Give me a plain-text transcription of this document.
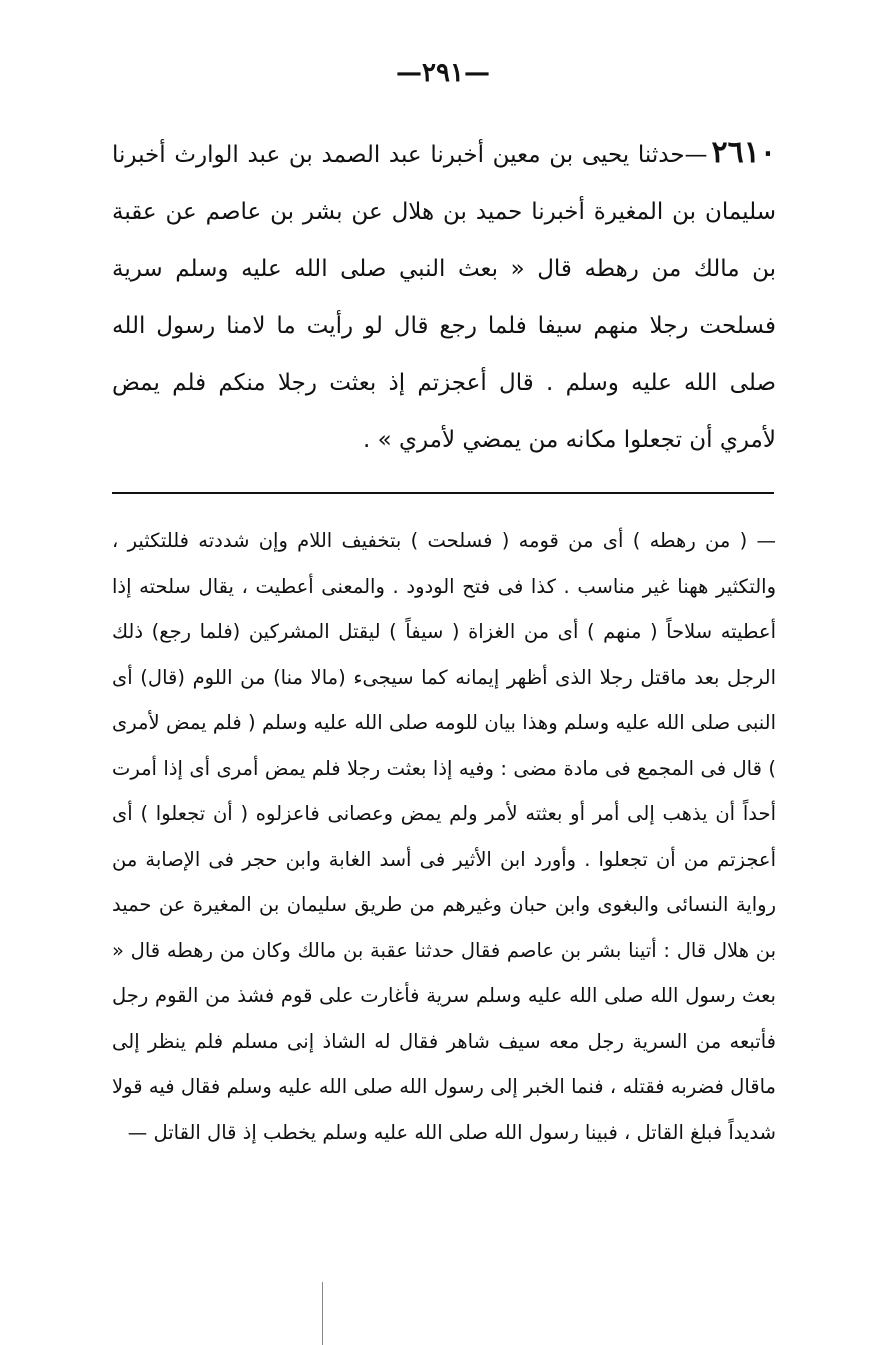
—٢٩١—
٢٦١٠—حدثنا يحيى بن معين أخبرنا عبد الصمد بن عبد الوارث أخبرنا سليمان بن المغيرة أخبرنا حميد بن هلال عن بشر بن عاصم عن عقبة بن مالك من رهطه قال « بعث النبي صلى الله عليه وسلم سرية فسلحت رجلا منهم سيفا فلما رجع قال لو رأيت ما لامنا رسول الله صلى الله عليه وسلم . قال أعجزتم إذ بعثت رجلا منكم فلم يمض لأمري أن تجعلوا مكانه من يمضي لأمري » .
— ( من رهطه ) أى من قومه ( فسلحت ) بتخفيف اللام وإن شددته فللتكثير ، والتكثير ههنا غير مناسب . كذا فى فتح الودود . والمعنى أعطيت ، يقال سلحته إذا أعطيته سلاحاً ( منهم ) أى من الغزاة ( سيفاً ) ليقتل المشركين (فلما رجع) ذلك الرجل بعد ماقتل رجلا الذى أظهر إيمانه كما سيجىء (مالا منا) من اللوم (قال) أى النبى صلى الله عليه وسلم وهذا بيان للومه صلى الله عليه وسلم ( فلم يمض لأمرى ) قال فى المجمع فى مادة مضى : وفيه إذا بعثت رجلا فلم يمض أمرى أى إذا أمرت أحداً أن يذهب إلى أمر أو بعثته لأمر ولم يمض وعصانى فاعزلوه ( أن تجعلوا ) أى أعجزتم من أن تجعلوا . وأورد ابن الأثير فى أسد الغابة وابن حجر فى الإصابة من رواية النسائى والبغوى وابن حبان وغيرهم من طريق سليمان بن المغيرة عن حميد بن هلال قال : أتينا بشر بن عاصم فقال حدثنا عقبة بن مالك وكان من رهطه قال « بعث رسول الله صلى الله عليه وسلم سرية فأغارت على قوم فشذ من القوم رجل فأتبعه من السرية رجل معه سيف شاهر فقال له الشاذ إنى مسلم فلم ينظر إلى ماقال فضربه فقتله ، فنما الخبر إلى رسول الله صلى الله عليه وسلم فقال فيه قولا شديداً فبلغ القاتل ، فبينا رسول الله صلى الله عليه وسلم يخطب إذ قال القاتل —
